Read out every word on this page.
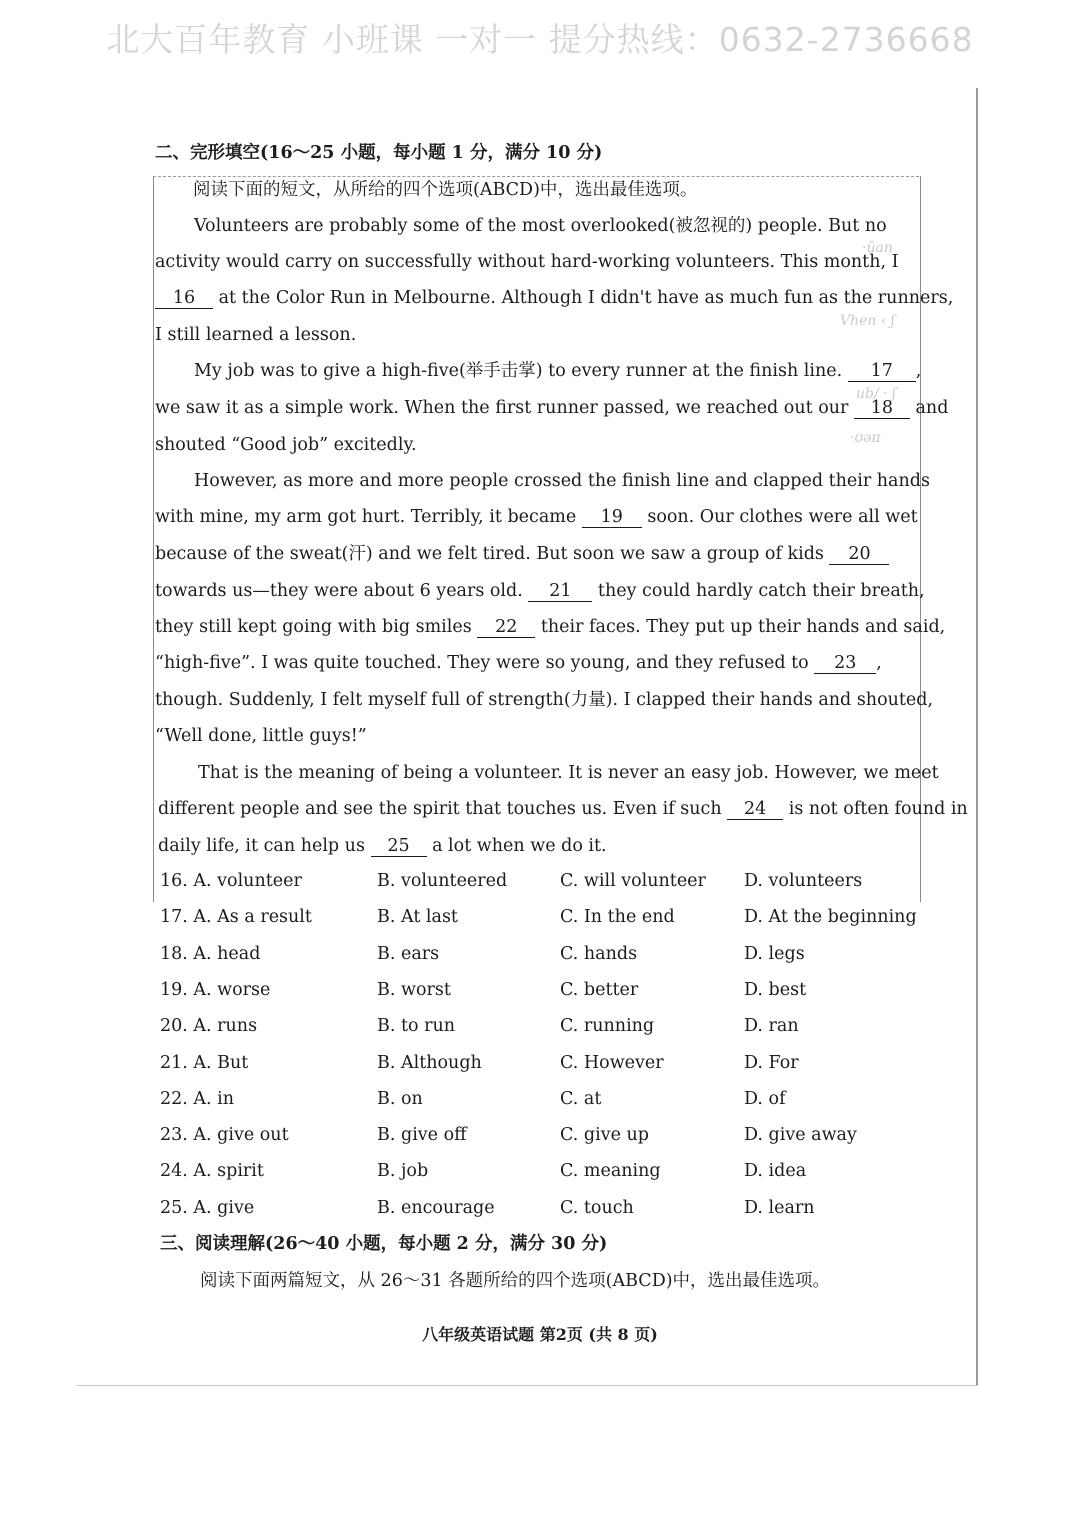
北大百年教育 小班课 一对一 提分热线：0632-2736668
·ŭan
Vhen ‹ ʃ
ub/ · ʃ
·ʊəɪɪ
二、完形填空(16～25 小题，每小题 1 分，满分 10 分)
阅读下面的短文，从所给的四个选项(ABCD)中，选出最佳选项。
Volunteers are probably some of the most overlooked(被忽视的) people. But no
activity would carry on successfully without hard-working volunteers. This month, I
16 at the Color Run in Melbourne. Although I didn't have as much fun as the runners,
I still learned a lesson.
My job was to give a high-five(举手击掌) to every runner at the finish line. 17 ,
we saw it as a simple work. When the first runner passed, we reached out our 18 and
shouted “Good job” excitedly.
However, as more and more people crossed the finish line and clapped their hands
with mine, my arm got hurt. Terribly, it became 19 soon. Our clothes were all wet
because of the sweat(汗) and we felt tired. But soon we saw a group of kids 20
towards us—they were about 6 years old. 21 they could hardly catch their breath,
they still kept going with big smiles 22 their faces. They put up their hands and said,
“high-five”. I was quite touched. They were so young, and they refused to 23 ,
though. Suddenly, I felt myself full of strength(力量). I clapped their hands and shouted,
“Well done, little guys!”
That is the meaning of being a volunteer. It is never an easy job. However, we meet
different people and see the spirit that touches us. Even if such 24 is not often found in
daily life, it can help us 25 a lot when we do it.
16. A. volunteer	B. volunteered	C. will volunteer D. volunteers
17. A. As a result	B. At last	C. In the end	D. At the beginning
18. A. head	B. ears	C. hands	D. legs
19. A. worse	B. worst	C. better	D. best
20. A. runs	B. to run	C. running	D. ran
21. A. But	B. Although	C. However	D. For
22. A. in	B. on	C. at	D. of
23. A. give out	B. give off	C. give up	D. give away
24. A. spirit	B. job	C. meaning	D. idea
25. A. give	B. encourage	C. touch	D. learn
三、阅读理解(26～40 小题，每小题 2 分，满分 30 分)
阅读下面两篇短文，从 26～31 各题所给的四个选项(ABCD)中，选出最佳选项。
八年级英语试题 第2页 (共 8 页)
